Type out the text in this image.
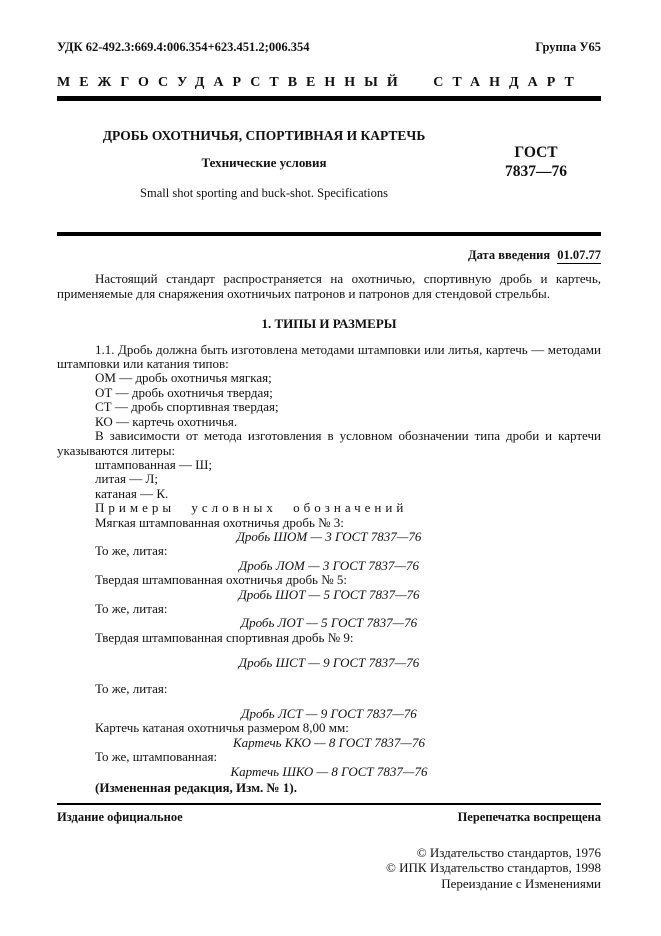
УДК 62-492.3:669.4:006.354+623.451.2;006.354	Группа У65
МЕЖГОСУДАРСТВЕННЫЙ СТАНДАРТ
ДРОБЬ ОХОТНИЧЬЯ, СПОРТИВНАЯ И КАРТЕЧЬ
Технические условия
Small shot sporting and buck-shot. Specifications
ГОСТ
7837—76
Дата введения 01.07.77
Настоящий стандарт распространяется на охотничью, спортивную дробь и картечь, применяемые для снаряжения охотничьих патронов и патронов для стендовой стрельбы.
1. ТИПЫ И РАЗМЕРЫ
1.1. Дробь должна быть изготовлена методами штамповки или литья, картечь — методами штамповки или катания типов:
ОМ — дробь охотничья мягкая;
ОТ — дробь охотничья твердая;
СТ — дробь спортивная твердая;
КО — картечь охотничья.
В зависимости от метода изготовления в условном обозначении типа дроби и картечи указываются литеры:
штампованная — Ш;
литая — Л;
катаная — К.
Примеры условных обозначений
Мягкая штампованная охотничья дробь № 3:
Дробь ШОМ — 3 ГОСТ 7837—76
То же, литая:
Дробь ЛОМ — 3 ГОСТ 7837—76
Твердая штампованная охотничья дробь № 5:
Дробь ШОТ — 5 ГОСТ 7837—76
То же, литая:
Дробь ЛОТ — 5 ГОСТ 7837—76
Твердая штампованная спортивная дробь № 9:
Дробь ШСТ — 9 ГОСТ 7837—76
То же, литая:
Дробь ЛСТ — 9 ГОСТ 7837—76
Картечь катаная охотничья размером 8,00 мм:
Картечь ККО — 8 ГОСТ 7837—76
То же, штампованная:
Картечь ШКО — 8 ГОСТ 7837—76
(Измененная редакция, Изм. № 1).
Издание официальное	Перепечатка воспрещена
© Издательство стандартов, 1976
© ИПК Издательство стандартов, 1998
Переиздание с Изменениями
